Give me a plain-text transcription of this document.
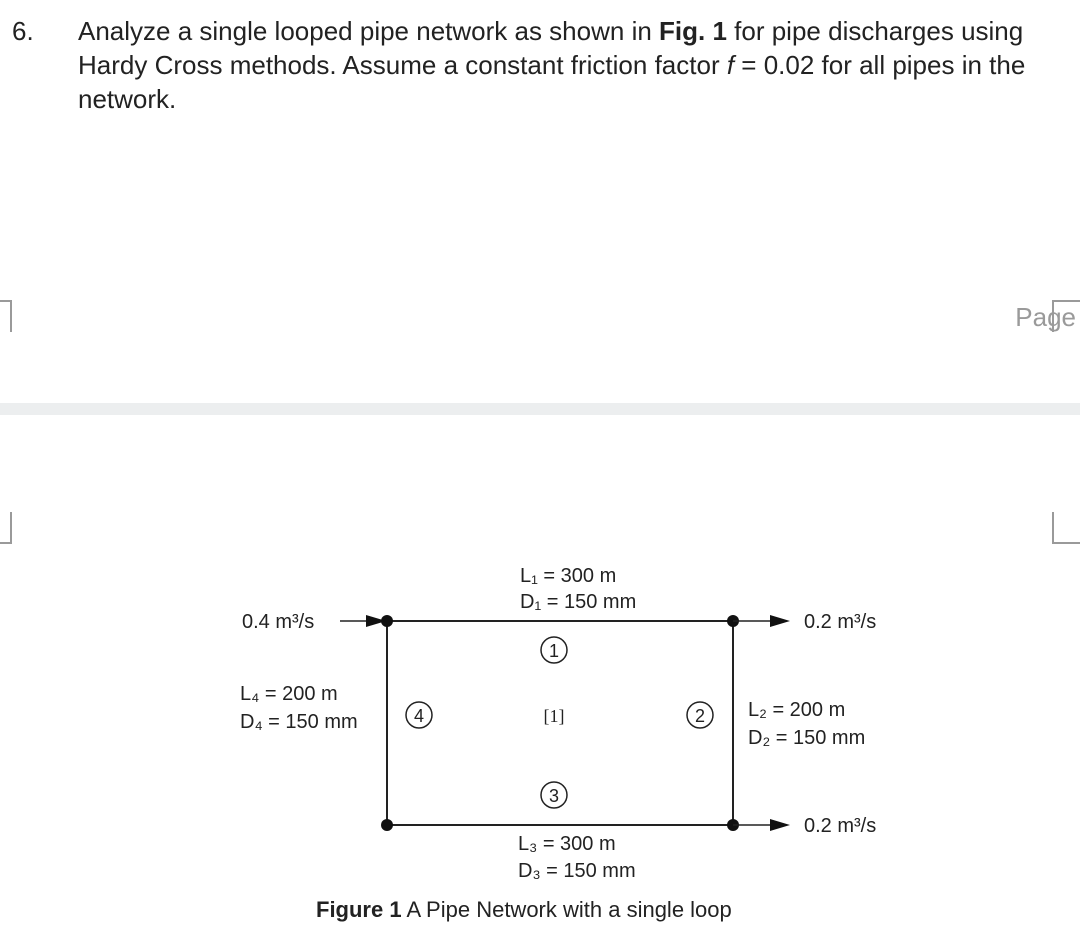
6. Analyze a single looped pipe network as shown in Fig. 1 for pipe discharges using Hardy Cross methods. Assume a constant friction factor f = 0.02 for all pipes in the network.
Page
0.4 m³/s	0.2 m³/s
0.2 m³/s
L₁ = 300 m
D₁ = 150 mm
1
L₄ = 200 m
D₄ = 150 mm	4	[1]	2 L₂ = 200 m
D₂ = 150 mm
3
L₃ = 300 m
D₃ = 150 mm
Figure 1 A Pipe Network with a single loop
